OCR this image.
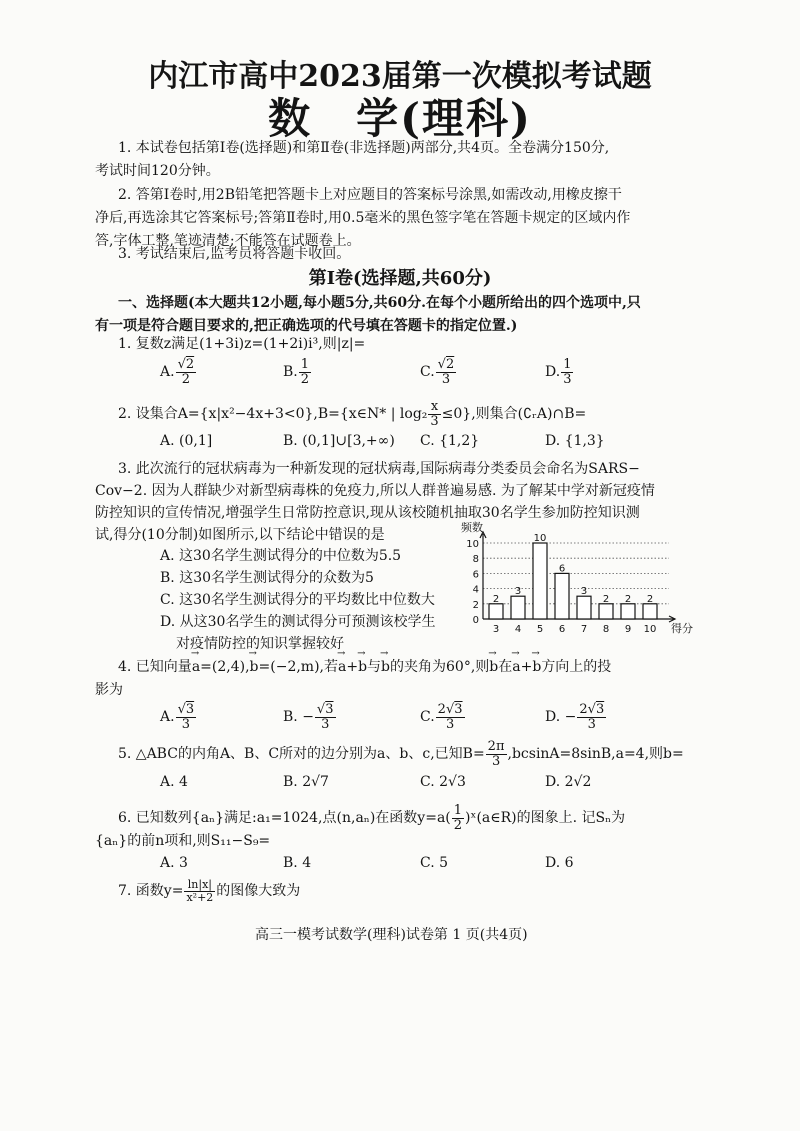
内江市高中2023届第一次模拟考试题
数　学(理科)
1. 本试卷包括第Ⅰ卷(选择题)和第Ⅱ卷(非选择题)两部分,共4页。全卷满分150分,
考试时间120分钟。
2. 答第Ⅰ卷时,用2B铅笔把答题卡上对应题目的答案标号涂黑,如需改动,用橡皮擦干
净后,再选涂其它答案标号;答第Ⅱ卷时,用0.5毫米的黑色签字笔在答题卡规定的区域内作
答,字体工整,笔迹清楚;不能答在试题卷上。
3. 考试结束后,监考员将答题卡收回。
第Ⅰ卷(选择题,共60分)
一、选择题(本大题共12小题,每小题5分,共60分.在每个小题所给出的四个选项中,只
有一项是符合题目要求的,把正确选项的代号填在答题卡的指定位置.)
1. 复数z满足(1+3i)z=(1+2i)i³,则|z|=
A. $\frac{√2}{2}$	B. $\frac{1}{2}$	C. $\frac{√2}{3}$	D. $\frac{1}{3}$
2. 设集合A={x|x²−4x+3<0},B={x∈N* | $\log_2 \frac{x}{3} \le 0$},则集合(∁ᵣA)∩B=
A. (0,1]	B. (0,1]∪[3,+∞) C. {1,2}	D. {1,3}
3. 此次流行的冠状病毒为一种新发现的冠状病毒,国际病毒分类委员会命名为SARS−
Cov−2. 因为人群缺少对新型病毒株的免疫力,所以人群普遍易感. 为了解某中学对新冠疫情
防控知识的宣传情况,增强学生日常防控意识,现从该校随机抽取30名学生参加防控知识测
试,得分(10分制)如图所示,以下结论中错误的是
A. 这30名学生测试得分的中位数为5.5
B. 这30名学生测试得分的众数为5
C. 这30名学生测试得分的平均数比中位数大
D. 从这30名学生的测试得分可预测该校学生
对疫情防控的知识掌握较好
频数
0
2
4
6
8
10
2
3
3
4
10
5
6
6
3
7
2
8
2
9
2
10 得分
4. 已知向量→ a=(2,4),→ b=(−2,m),若→ a+→ b与→ b的夹角为60°,则→ b在→ a+→ b方向上的投
影为
A. $\frac{√3}{3}$	B. − $\frac{√3}{3}$	C. $\frac{2√3}{3}$	D. − $\frac{2√3}{3}$
5. △ABC的内角A、B、C所对的边分别为a、b、c,已知$B= \frac{2\pi}{3} ,bcsinA=8\sin B,a=4$,则b=
A. 4	B. 2√7	C. 2√3	D. 2√2
6. 已知数列{aₙ}满足:a₁=1024,点(n,aₙ)在函数$y=a( \frac{1}{2}$ )ˣ(a∈R)的图象上. 记Sₙ为
{aₙ}的前n项和,则S₁₁−S₉=
A. 3	B. 4	C. 5	D. 6
7. 函数$y= \frac{\ln|x|}{\text{x²+2}}$ 的图像大致为
高三一模考试数学(理科)试卷第 1 页(共4页)
